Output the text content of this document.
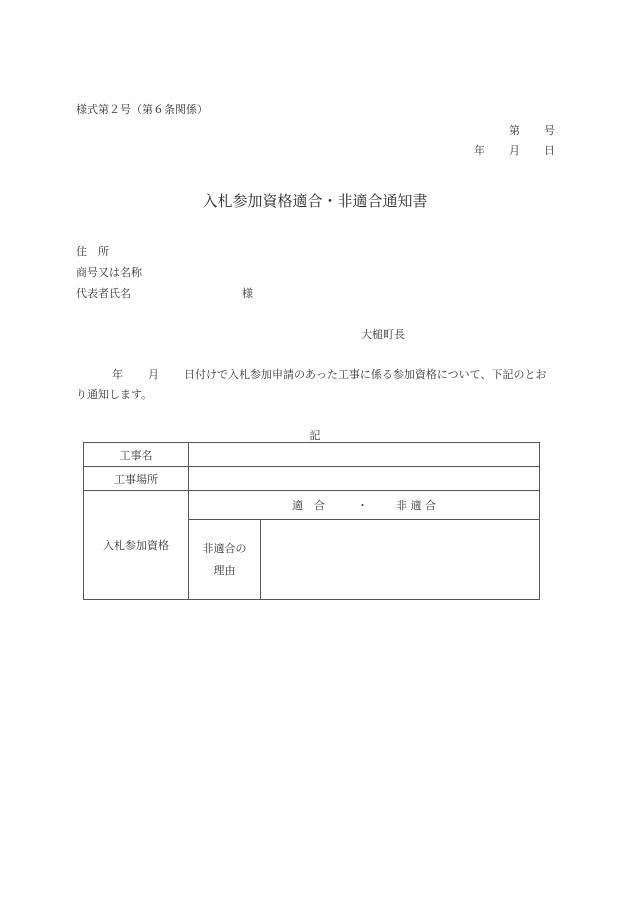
様式第２号（第６条関係）
第 号
年 月 日
入札参加資格適合・非適合通知書
住　所
商号又は名称
代表者氏名	様
大槌町長
年 月 日付けで入札参加申請のあった工事に係る参加資格について、下記のとおり通知します。
記
工事名		
工事場所		
入札参加資格	適　合 ・ 非 適 合	

	非適合の
理由	
